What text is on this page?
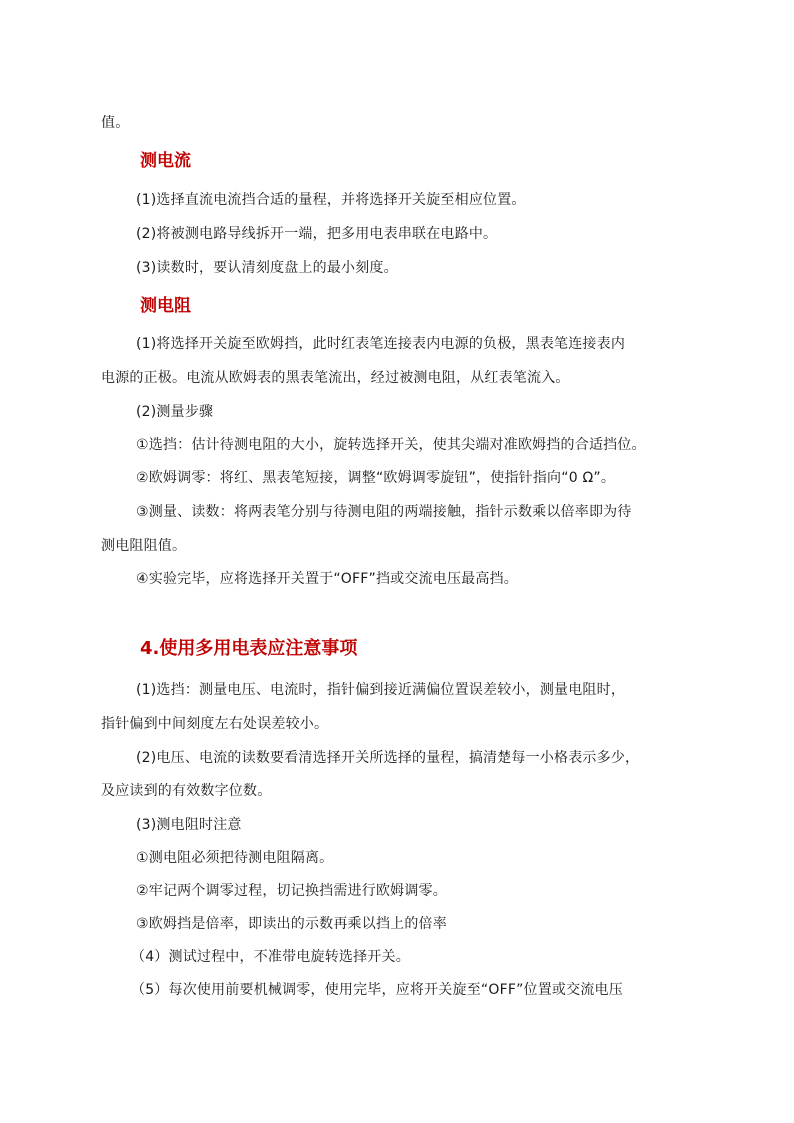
值。
测电流
(1)选择直流电流挡合适的量程，并将选择开关旋至相应位置。
(2)将被测电路导线拆开一端，把多用电表串联在电路中。
(3)读数时，要认清刻度盘上的最小刻度。
测电阻
(1)将选择开关旋至欧姆挡，此时红表笔连接表内电源的负极，黑表笔连接表内
电源的正极。电流从欧姆表的黑表笔流出，经过被测电阻，从红表笔流入。
(2)测量步骤
①选挡：估计待测电阻的大小，旋转选择开关，使其尖端对准欧姆挡的合适挡位。
②欧姆调零：将红、黑表笔短接，调整“欧姆调零旋钮”，使指针指向“0 Ω”。
③测量、读数：将两表笔分别与待测电阻的两端接触，指针示数乘以倍率即为待
测电阻阻值。
④实验完毕，应将选择开关置于“OFF”挡或交流电压最高挡。
4.使用多用电表应注意事项
(1)选挡：测量电压、电流时，指针偏到接近满偏位置误差较小，测量电阻时，
指针偏到中间刻度左右处误差较小。
(2)电压、电流的读数要看清选择开关所选择的量程，搞清楚每一小格表示多少，
及应读到的有效数字位数。
(3)测电阻时注意
①测电阻必须把待测电阻隔离。
②牢记两个调零过程，切记换挡需进行欧姆调零。
③欧姆挡是倍率，即读出的示数再乘以挡上的倍率
（4）测试过程中，不准带电旋转选择开关。
（5）每次使用前要机械调零，使用完毕，应将开关旋至“OFF”位置或交流电压
